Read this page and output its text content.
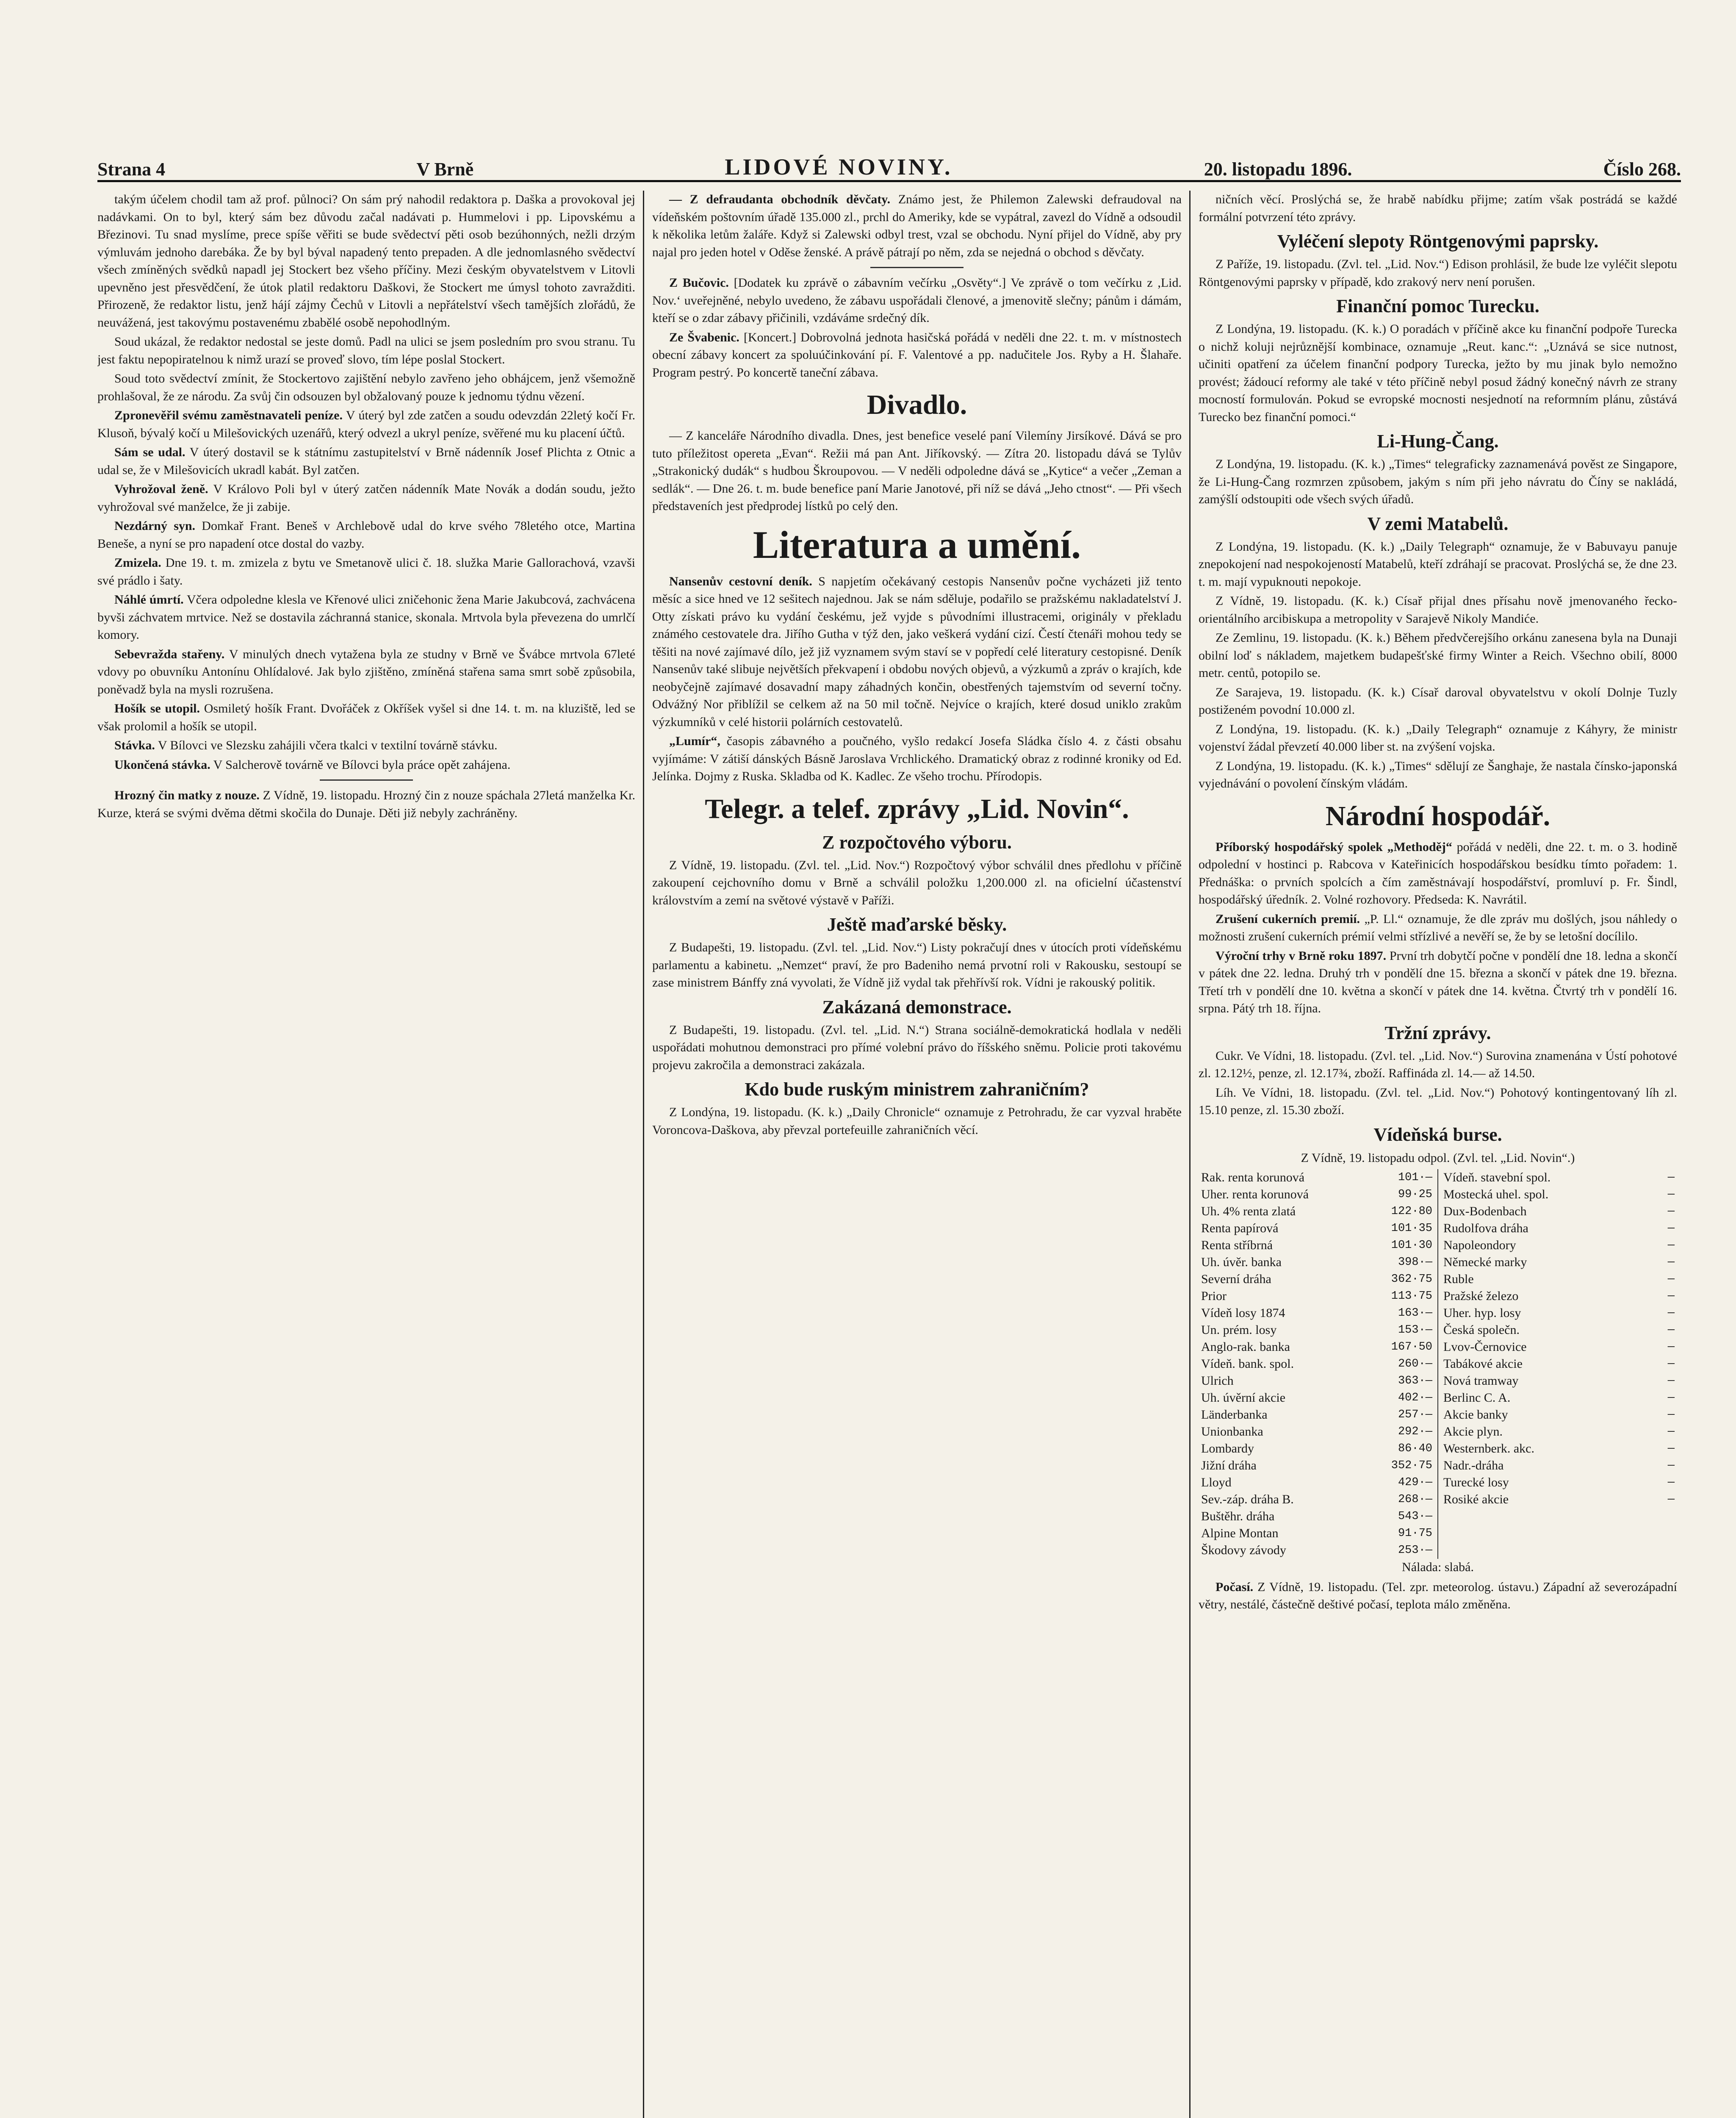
Strana 4	V Brně	LIDOVÉ NOVINY.	20. listopadu 1896.	Číslo 268.

takým účelem chodil tam až prof. půlnoci? On sám prý nahodil redaktora p. Daška a provokoval jej nadávkami. On to byl, který sám bez důvodu začal nadávati p. Hummelovi i pp. Lipovskému a Březinovi. Tu snad myslíme, prece spíše věřiti se bude svědectví pěti osob bezúhonných, nežli drzým výmluvám jednoho darebáka. Že by byl býval napadený tento prepaden. A dle jednomlasného svědectví všech zmíněných svědků napadl jej Stockert bez všeho příčiny. Mezi českým obyvatelstvem v Litovli upevněno jest přesvědčení, že útok platil redaktoru Daškovi, že Stockert me úmysl tohoto zavražditi. Přirozeně, že redaktor listu, jenž hájí zájmy Čechů v Litovli a nepřátelství všech tamějších zlořádů, že neuvážená, jest takovýmu postavenému zbabělé osobě nepohodlným.

Soud ukázal, že redaktor nedostal se jeste domů. Padl na ulici se jsem posledním pro svou stranu. Tu jest faktu nepopiratelnou k nimž urazí se proveď slovo, tím lépe poslal Stockert.

Soud toto svědectví zmínit, že Stockertovo zajištění nebylo zavřeno jeho obhájcem, jenž všemožně prohlašoval, že ze národu. Za svůj čin odsouzen byl obžalovaný pouze k jednomu týdnu vězení.

Zpronevěřil svému zaměstnavateli peníze. V úterý byl zde zatčen a soudu odevzdán 22letý kočí Fr. Klusoň, bývalý kočí u Milešovických uzenářů, který odvezl a ukryl peníze, svěřené mu ku placení účtů.

Sám se udal. V úterý dostavil se k státnímu zastupitelství v Brně nádenník Josef Plichta z Otnic a udal se, že v Milešovicích ukradl kabát. Byl zatčen.

Vyhrožoval ženě. V Královo Poli byl v úterý zatčen nádenník Mate Novák a dodán soudu, ježto vyhrožoval své manželce, že ji zabije.

Nezdárný syn. Domkař Frant. Beneš v Archlebově udal do krve svého 78letého otce, Martina Beneše, a nyní se pro napadení otce dostal do vazby.

Zmizela. Dne 19. t. m. zmizela z bytu ve Smetanově ulici č. 18. služka Marie Gallorachová, vzavši své prádlo i šaty.

Náhlé úmrtí. Včera odpoledne klesla ve Křenové ulici zničehonic žena Marie Jakubcová, zachvácena byvši záchvatem mrtvice. Než se dostavila záchranná stanice, skonala. Mrtvola byla převezena do umrlčí komory.

Sebevražda stařeny. V minulých dnech vytažena byla ze studny v Brně ve Švábce mrtvola 67leté vdovy po obuvníku Antonínu Ohlídalové. Jak bylo zjištěno, zmíněná stařena sama smrt sobě způsobila, poněvadž byla na mysli rozrušena.

Hošík se utopil. Osmiletý hošík Frant. Dvořáček z Okříšek vyšel si dne 14. t. m. na kluziště, led se však prolomil a hošík se utopil.

Stávka. V Bílovci ve Slezsku zahájili včera tkalci v textilní továrně stávku.

Ukončená stávka. V Salcherově továrně ve Bílovci byla práce opět zahájena.

Hrozný čin matky z nouze. Z Vídně, 19. listopadu. Hrozný čin z nouze spáchala 27letá manželka Kr. Kurze, která se svými dvěma dětmi skočila do Dunaje. Děti již nebyly zachráněny.

— Z defraudanta obchodník děvčaty. Známo jest, že Philemon Zalewski defraudoval na vídeňském poštovním úřadě 135.000 zl., prchl do Ameriky, kde se vypátral, zavezl do Vídně a odsoudil k několika letům žaláře. Když si Zalewski odbyl trest, vzal se obchodu. Nyní přijel do Vídně, aby pry najal pro jeden hotel v Oděse ženské. A právě pátrají po něm, zda se nejedná o obchod s děvčaty.

Z Bučovic. [Dodatek ku zprávě o zábavním večírku „Osvěty“.] Ve zprávě o tom večírku z ,Lid. Nov.‘ uveřejněné, nebylo uvedeno, že zábavu uspořádali členové, a jmenovitě slečny; pánům i dámám, kteří se o zdar zábavy přičinili, vzdáváme srdečný dík.

Ze Švabenic. [Koncert.] Dobrovolná jednota hasičská pořádá v neděli dne 22. t. m. v místnostech obecní zábavy koncert za spoluúčinkování pí. F. Valentové a pp. nadučitele Jos. Ryby a H. Šlahaře. Program pestrý. Po koncertě taneční zábava.

Divadlo.

— Z kanceláře Národního divadla. Dnes, jest benefice veselé paní Vilemíny Jirsíkové. Dává se pro tuto příležitost opereta „Evan“. Režii má pan Ant. Jiříkovský. — Zítra 20. listopadu dává se Tylův „Strakonický dudák“ s hudbou Škroupovou. — V neděli odpoledne dává se „Kytice“ a večer „Zeman a sedlák“. — Dne 26. t. m. bude benefice paní Marie Janotové, při níž se dává „Jeho ctnost“. — Při všech představeních jest předprodej lístků po celý den.

Literatura a umění.

Nansenův cestovní deník. S napjetím očekávaný cestopis Nansenův počne vycházeti již tento měsíc a sice hned ve 12 sešitech najednou. Jak se nám sděluje, podařilo se pražskému nakladatelství J. Otty získati právo ku vydání českému, jež vyjde s původními illustracemi, originály v překladu známého cestovatele dra. Jiřího Gutha v týž den, jako veškerá vydání cizí. Čestí čtenáři mohou tedy se těšiti na nové zajímavé dílo, jež již vyznamem svým staví se v popředí celé literatury cestopisné. Deník Nansenův také slibuje největších překvapení i obdobu nových objevů, a výzkumů a zpráv o krajích, kde neobyčejně zajímavé dosavadní mapy záhadných končin, obestřených tajemstvím od severní točny. Odvážný Nor přiblížil se celkem až na 50 mil točně. Nejvíce o krajích, které dosud uniklo zrakům výzkumníků v celé historii polárních cestovatelů.

„Lumír“, časopis zábavného a poučného, vyšlo redakcí Josefa Sládka číslo 4. z části obsahu vyjímáme: V zátiší dánských Básně Jaroslava Vrchlického. Dramatický obraz z rodinné kroniky od Ed. Jelínka. Dojmy z Ruska. Skladba od K. Kadlec. Ze všeho trochu. Přírodopis.

Telegr. a telef. zprávy „Lid. Novin“.
Z rozpočtového výboru.

Z Vídně, 19. listopadu. (Zvl. tel. „Lid. Nov.“) Rozpočtový výbor schválil dnes předlohu v příčině zakoupení cejchovního domu v Brně a schválil položku 1,200.000 zl. na oficielní účastenství královstvím a zemí na světové výstavě v Paříži.

Ještě maďarské běsky.

Z Budapešti, 19. listopadu. (Zvl. tel. „Lid. Nov.“) Listy pokračují dnes v útocích proti vídeňskému parlamentu a kabinetu. „Nemzet“ praví, že pro Badeniho nemá prvotní roli v Rakousku, sestoupí se zase ministrem Bánffy zná vyvolati, že Vídně již vydal tak přehřívší rok. Vídni je rakouský politik.

Zakázaná demonstrace.

Z Budapešti, 19. listopadu. (Zvl. tel. „Lid. N.“) Strana sociálně-demokratická hodlala v neděli uspořádati mohutnou demonstraci pro přímé volební právo do říšského sněmu. Policie proti takovému projevu zakročila a demonstraci zakázala.

Kdo bude ruským ministrem zahraničním?

Z Londýna, 19. listopadu. (K. k.) „Daily Chronicle“ oznamuje z Petrohradu, že car vyzval hraběte Voroncova-Daškova, aby převzal portefeuille zahraničních věcí.

ničních věcí. Proslýchá se, že hrabě nabídku přijme; zatím však postrádá se každé formální potvrzení této zprávy.

Vyléčení slepoty Röntgenovými paprsky.

Z Paříže, 19. listopadu. (Zvl. tel. „Lid. Nov.“) Edison prohlásil, že bude lze vyléčit slepotu Röntgenovými paprsky v případě, kdo zrakový nerv není porušen.

Finanční pomoc Turecku.

Z Londýna, 19. listopadu. (K. k.) O poradách v příčině akce ku finanční podpoře Turecka o nichž koluji nejrůznější kombinace, oznamuje „Reut. kanc.“: „Uznává se sice nutnost, učiniti opatření za účelem finanční podpory Turecka, ježto by mu jinak bylo nemožno provést; žádoucí reformy ale také v této příčině nebyl posud žádný konečný návrh ze strany mocností formulován. Pokud se evropské mocnosti nesjednotí na reformním plánu, zůstává Turecko bez finanční pomoci.“

Li-Hung-Čang.

Z Londýna, 19. listopadu. (K. k.) „Times“ telegraficky zaznamenává pověst ze Singapore, že Li-Hung-Čang rozmrzen způsobem, jakým s ním při jeho návratu do Číny se nakládá, zamýšlí odstoupiti ode všech svých úřadů.

V zemi Matabelů.

Z Londýna, 19. listopadu. (K. k.) „Daily Telegraph“ oznamuje, že v Babuvayu panuje znepokojení nad nespokojeností Matabelů, kteří zdráhají se pracovat. Proslýchá se, že dne 23. t. m. mají vypuknouti nepokoje.

Z Vídně, 19. listopadu. (K. k.) Císař přijal dnes přísahu nově jmenovaného řecko-orientálního arcibiskupa a metropolity v Sarajevě Nikoly Mandiće.

Ze Zemlinu, 19. listopadu. (K. k.) Během předvčerejšího orkánu zanesena byla na Dunaji obilní loď s nákladem, majetkem budapešťské firmy Winter a Reich. Všechno obilí, 8000 metr. centů, potopilo se.

Ze Sarajeva, 19. listopadu. (K. k.) Císař daroval obyvatelstvu v okolí Dolnje Tuzly postiženém povodní 10.000 zl.

Z Londýna, 19. listopadu. (K. k.) „Daily Telegraph“ oznamuje z Káhyry, že ministr vojenství žádal převzetí 40.000 liber st. na zvýšení vojska.

Z Londýna, 19. listopadu. (K. k.) „Times“ sdělují ze Šanghaje, že nastala čínsko-japonská vyjednávání o povolení čínským vládám.

Národní hospodář.

Příborský hospodářský spolek „Methoděj“ pořádá v neděli, dne 22. t. m. o 3. hodině odpolední v hostinci p. Rabcova v Kateřinicích hospodářskou besídku tímto pořadem: 1. Přednáška: o prvních spolcích a čím zaměstnávají hospodářství, promluví p. Fr. Šindl, hospodářský úředník. 2. Volné rozhovory. Předseda: K. Navrátil.

Zrušení cukerních premií. „P. Ll.“ oznamuje, že dle zpráv mu došlých, jsou náhledy o možnosti zrušení cukerních prémií velmi střízlivé a nevěří se, že by se letošní docílilo.

Výroční trhy v Brně roku 1897. První trh dobytčí počne v pondělí dne 18. ledna a skončí v pátek dne 22. ledna. Druhý trh v pondělí dne 15. března a skončí v pátek dne 19. března. Třetí trh v pondělí dne 10. května a skončí v pátek dne 14. května. Čtvrtý trh v pondělí 16. srpna. Pátý trh 18. října.

Tržní zprávy.

Cukr. Ve Vídni, 18. listopadu. (Zvl. tel. „Lid. Nov.“) Surovina znamenána v Ústí pohotové zl. 12.12½, penze, zl. 12.17¾, zboží. Raffináda zl. 14.— až 14.50.

Líh. Ve Vídni, 18. listopadu. (Zvl. tel. „Lid. Nov.“) Pohotový kontingentovaný líh zl. 15.10 penze, zl. 15.30 zboží.

Vídeňská burse.
Z Vídně, 19. listopadu odpol. (Zvl. tel. „Lid. Novin“.)
Rak. renta korunová	101·—
Uher. renta korunová	99·25
Uh. 4% renta zlatá	122·80
Renta papírová	101·35
Renta stříbrná	101·30
Uh. úvěr. banka	398·—
Severní dráha	362·75
Prior	113·75
Vídeň losy 1874	163·—
Un. prém. losy	153·—
Anglo-rak. banka	167·50
Vídeň. bank. spol.	260·—
Ulrich	363·—
Uh. úvěrní akcie	402·—
Länderbanka	257·—
Unionbanka	292·—
Lombardy	86·40
Jižní dráha	352·75
Lloyd	429·—
Sev.-záp. dráha B.	268·—
Buštěhr. dráha	543·—
Alpine Montan	91·75
Škodovy závody	253·—
Vídeň. stavební spol.	—
Mostecká uhel. spol.	—
Dux-Bodenbach	—
Rudolfova dráha	—
Napoleondory	—
Německé marky	—
Ruble	—
Pražské železo	—
Uher. hyp. losy	—
Česká společn.	—
Lvov-Černovice	—
Tabákové akcie	—
Nová tramway	—
Berlinc C. A.	—
Akcie banky	—
Akcie plyn.	—
Westernberk. akc.	—
Nadr.-dráha	—
Turecké losy	—
Rosiké akcie	—
Nálada: slabá.

Počasí. Z Vídně, 19. listopadu. (Tel. zpr. meteorolog. ústavu.) Západní až severozápadní větry, nestálé, částečně deštivé počasí, teplota málo změněna.
